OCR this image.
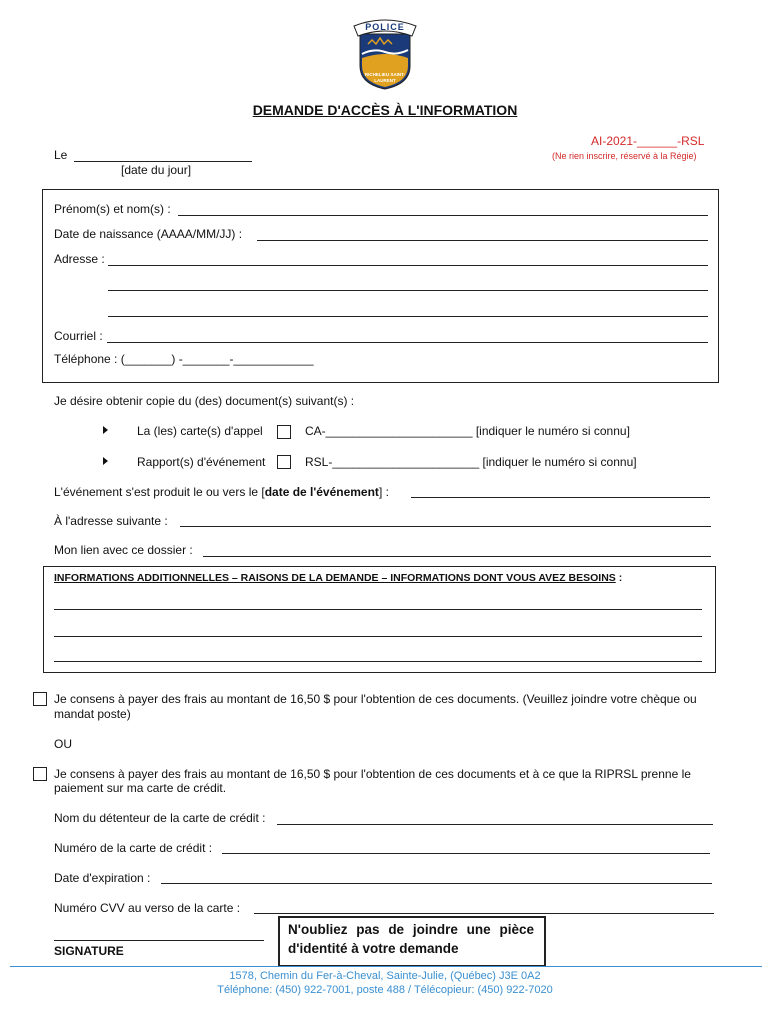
POLICE
RICHELIEU SAINT-LAURENT
DEMANDE D'ACCÈS À L'INFORMATION
AI-2021-______-RSL
(Ne rien inscrire, réservé à la Régie)
Le
[date du jour]
Prénom(s) et nom(s) :
Date de naissance (AAAA/MM/JJ) :
Adresse :
Courriel :
Téléphone : (_______) -_______-____________
Je désire obtenir copie du (des) document(s) suivant(s) :
La (les) carte(s) d'appel	CA-______________________ [indiquer le numéro si connu]
Rapport(s) d'événement	RSL-______________________ [indiquer le numéro si connu]
L'événement s'est produit le ou vers le [date de l'événement] :
À l'adresse suivante :
Mon lien avec ce dossier :
INFORMATIONS ADDITIONNELLES – RAISONS DE LA DEMANDE – INFORMATIONS DONT VOUS AVEZ BESOINS :
Je consens à payer des frais au montant de 16,50 $ pour l'obtention de ces documents. (Veuillez joindre votre chèque ou mandat poste)
OU
Je consens à payer des frais au montant de 16,50 $ pour l'obtention de ces documents et à ce que la RIPRSL prenne le paiement sur ma carte de crédit.
Nom du détenteur de la carte de crédit :
Numéro de la carte de crédit :
Date d'expiration :
Numéro CVV au verso de la carte :
SIGNATURE
N'oubliez pas de joindre une pièce d'identité à votre demande
1578, Chemin du Fer-à-Cheval, Sainte-Julie, (Québec) J3E 0A2
Téléphone: (450) 922-7001, poste 488 / Télécopieur: (450) 922-7020
